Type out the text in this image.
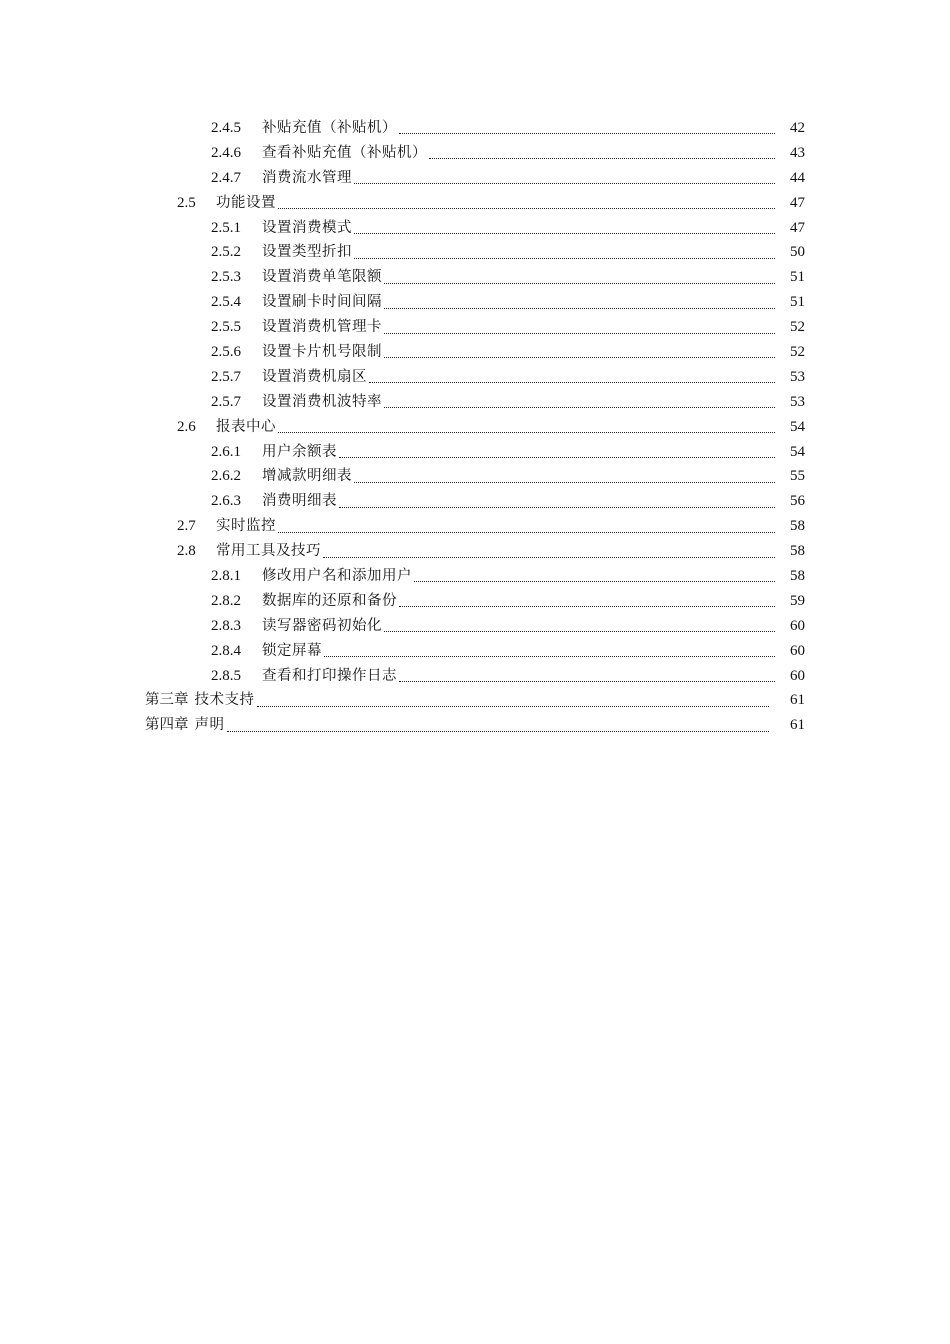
2.4.5	补贴充值（补贴机）	42
2.4.6	查看补贴充值（补贴机）	43
2.4.7	消费流水管理	44
2.5	功能设置	47
2.5.1	设置消费模式	47
2.5.2	设置类型折扣	50
2.5.3	设置消费单笔限额	51
2.5.4	设置刷卡时间间隔	51
2.5.5	设置消费机管理卡	52
2.5.6	设置卡片机号限制	52
2.5.7	设置消费机扇区	53
2.5.7	设置消费机波特率	53
2.6	报表中心	54
2.6.1	用户余额表	54
2.6.2	增减款明细表	55
2.6.3	消费明细表	56
2.7	实时监控	58
2.8	常用工具及技巧	58
2.8.1	修改用户名和添加用户	58
2.8.2	数据库的还原和备份	59
2.8.3	读写器密码初始化	60
2.8.4	锁定屏幕	60
2.8.5	查看和打印操作日志	60
第三章 技术支持	61
第四章 声明	61
